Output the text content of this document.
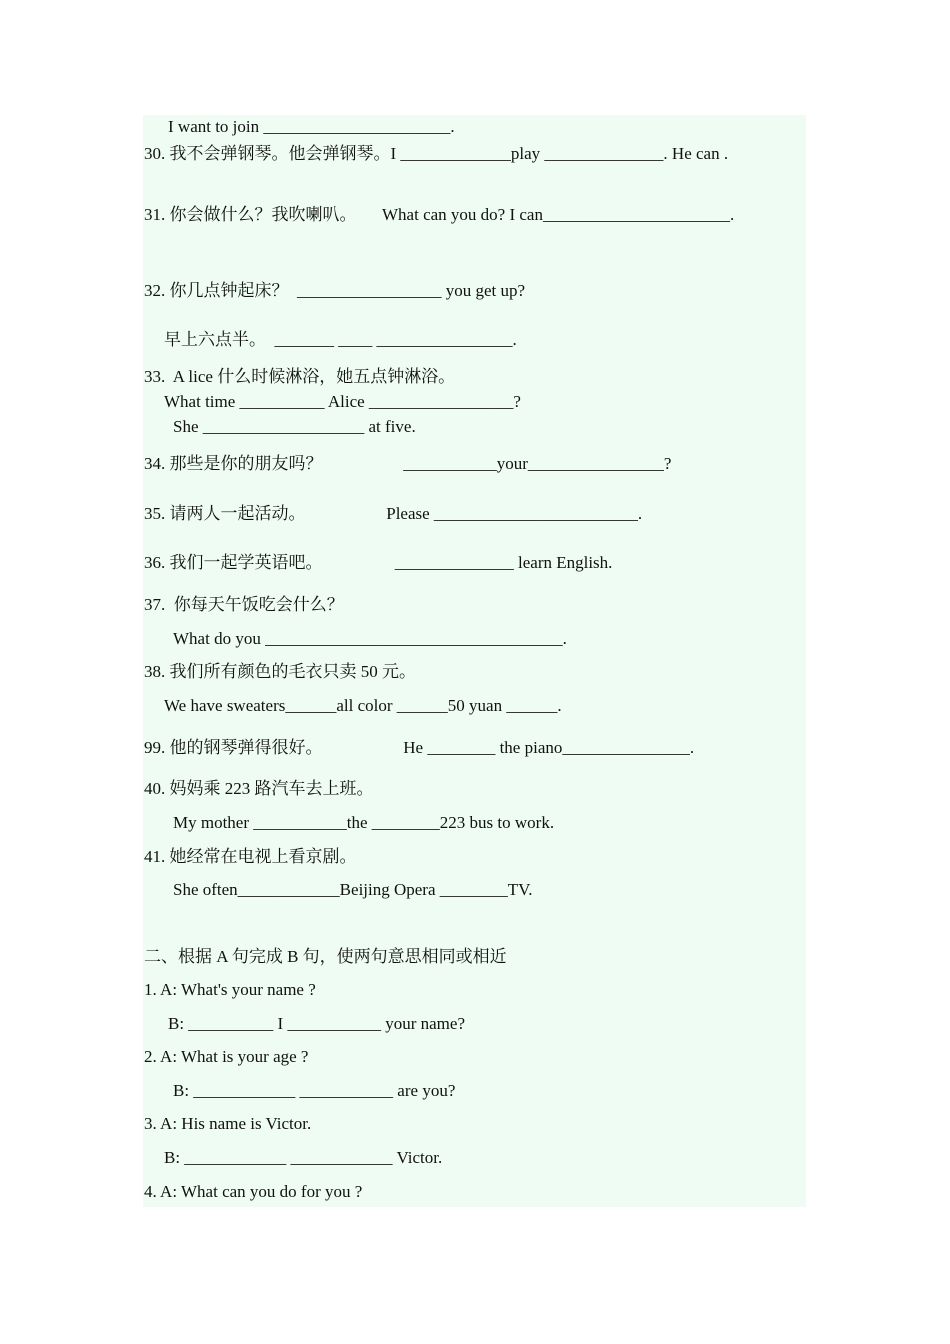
I want to join ______________________.
30. 我不会弹钢琴。他会弹钢琴。I _____________play ______________. He can .
31. 你会做什么？我吹喇叭。      What can you do? I can______________________.
32. 你几点钟起床？  _________________ you get up?
早上六点半。  _______ ____ ________________.
33.  A lice 什么时候淋浴，她五点钟淋浴。
What time __________ Alice _________________?
She ___________________ at five.
34. 那些是你的朋友吗？                   ___________your________________?
35. 请两人一起活动。                   Please ________________________.
36. 我们一起学英语吧。                 ______________ learn English.
37.  你每天午饭吃会什么？
What do you ___________________________________.
38. 我们所有颜色的毛衣只卖 50 元。
We have sweaters______all color ______50 yuan ______.
99. 他的钢琴弹得很好。                   He ________ the piano_______________.
40. 妈妈乘 223 路汽车去上班。
My mother ___________the ________223 bus to work.
41. 她经常在电视上看京剧。
She often____________Beijing Opera ________TV.
二、根据 A 句完成 B 句，使两句意思相同或相近
1. A: What's your name ?
B: __________ I ___________ your name?
2. A: What is your age ?
B: ____________ ___________ are you?
3. A: His name is Victor.
B: ____________ ____________ Victor.
4. A: What can you do for you ?
